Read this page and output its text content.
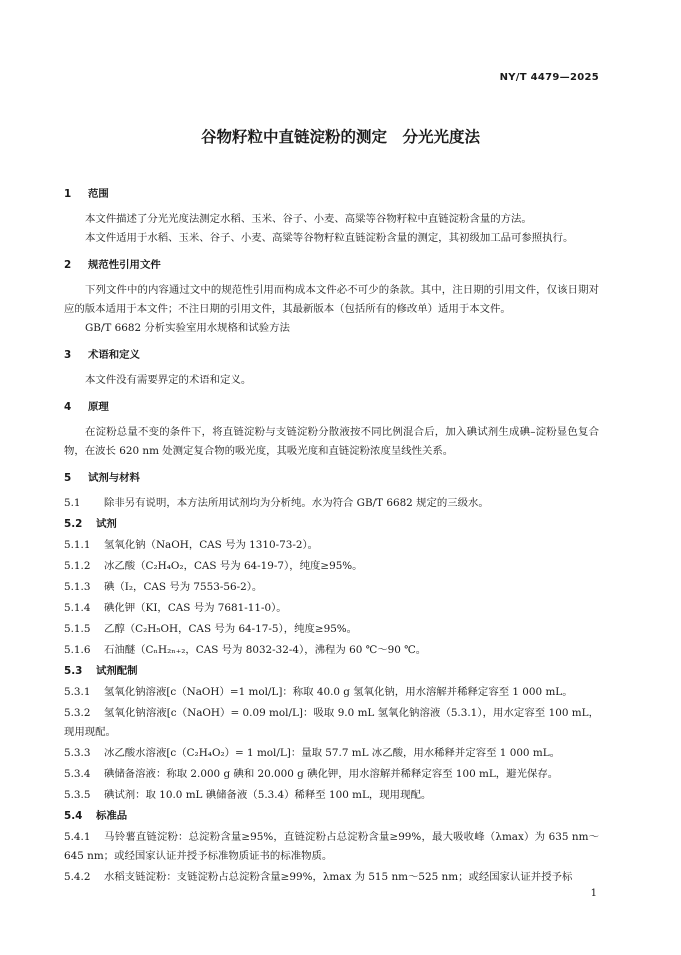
NY/T 4479—2025
谷物籽粒中直链淀粉的测定　分光光度法
1	范围

本文件描述了分光光度法测定水稻、玉米、谷子、小麦、高粱等谷物籽粒中直链淀粉含量的方法。

本文件适用于水稻、玉米、谷子、小麦、高粱等谷物籽粒直链淀粉含量的测定，其初级加工品可参照执行。

2	规范性引用文件

下列文件中的内容通过文中的规范性引用而构成本文件必不可少的条款。其中，注日期的引用文件，仅该日期对应的版本适用于本文件；不注日期的引用文件，其最新版本（包括所有的修改单）适用于本文件。

GB/T 6682 分析实验室用水规格和试验方法

3	术语和定义

本文件没有需要界定的术语和定义。

4	原理

在淀粉总量不变的条件下，将直链淀粉与支链淀粉分散液按不同比例混合后，加入碘试剂生成碘–淀粉显色复合物，在波长 620 nm 处测定复合物的吸光度，其吸光度和直链淀粉浓度呈线性关系。

5	试剂与材料
5.1 除非另有说明，本方法所用试剂均为分析纯。水为符合 GB/T 6682 规定的三级水。
5.2	试剂
5.1.1	氢氧化钠（NaOH，CAS 号为 1310-73-2）。
5.1.2	冰乙酸（C₂H₄O₂，CAS 号为 64-19-7），纯度≥95%。
5.1.3	碘（I₂，CAS 号为 7553-56-2）。
5.1.4	碘化钾（KI，CAS 号为 7681-11-0）。
5.1.5	乙醇（C₂H₅OH，CAS 号为 64-17-5），纯度≥95%。
5.1.6	石油醚（CₙH₂ₙ₊₂，CAS 号为 8032-32-4），沸程为 60 ℃～90 ℃。
5.3	试剂配制
5.3.1 氢氧化钠溶液[c（NaOH）=1 mol/L]：称取 40.0 g 氢氧化钠，用水溶解并稀释定容至 1 000 mL。
5.3.2 氢氧化钠溶液[c（NaOH）= 0.09 mol/L]：吸取 9.0 mL 氢氧化钠溶液（5.3.1），用水定容至 100 mL，现用现配。
5.3.3 冰乙酸水溶液[c（C₂H₄O₂）= 1 mol/L]：量取 57.7 mL 冰乙酸，用水稀释并定容至 1 000 mL。
5.3.4 碘储备溶液：称取 2.000 g 碘和 20.000 g 碘化钾，用水溶解并稀释定容至 100 mL，避光保存。
5.3.5 碘试剂：取 10.0 mL 碘储备液（5.3.4）稀释至 100 mL，现用现配。
5.4	标准品
5.4.1 马铃薯直链淀粉：总淀粉含量≥95%，直链淀粉占总淀粉含量≥99%，最大吸收峰（λmax）为 635 nm～645 nm；或经国家认证并授予标准物质证书的标准物质。
5.4.2 水稻支链淀粉：支链淀粉占总淀粉含量≥99%，λmax 为 515 nm～525 nm；或经国家认证并授予标
1
